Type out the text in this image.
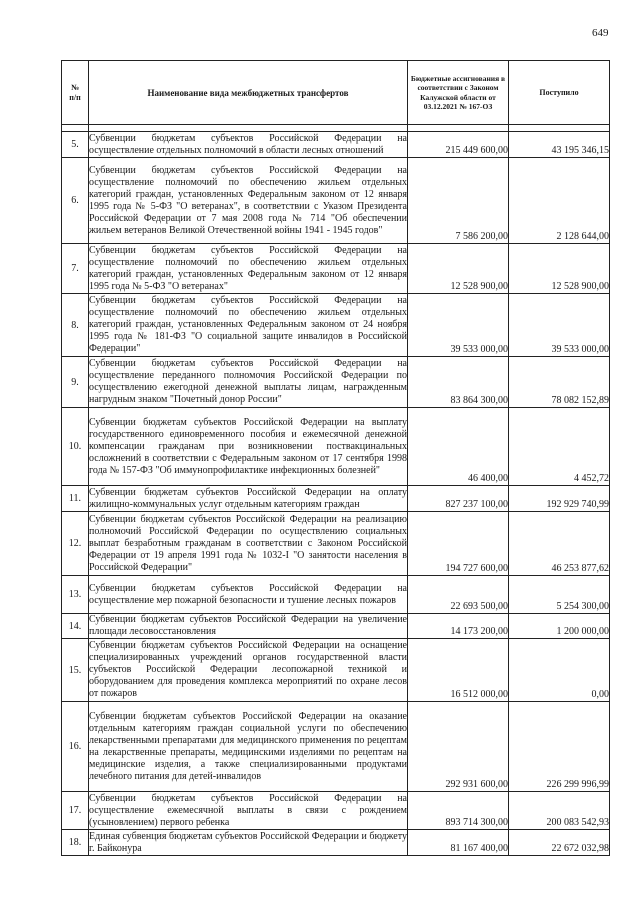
649
№
п/п	Наименование вида межбюджетных трансфертов	Бюджетные ассигнования в соответствии с Законом Калужской области от 03.12.2021 № 167-ОЗ	Поступило

5.	Субвенции бюджетам субъектов Российской Федерации на осуществление отдельных полномочий в области лесных отношений	215 449 600,00	43 195 346,15
6.	Субвенции бюджетам субъектов Российской Федерации на осуществление полномочий по обеспечению жильем отдельных категорий граждан, установленных Федеральным законом от 12 января 1995 года № 5-ФЗ "О ветеранах", в соответствии с Указом Президента Российской Федерации от 7 мая 2008 года № 714 "Об обеспечении жильем ветеранов Великой Отечественной войны 1941 - 1945 годов"	7 586 200,00	2 128 644,00
7.	Субвенции бюджетам субъектов Российской Федерации на осуществление полномочий по обеспечению жильем отдельных категорий граждан, установленных Федеральным законом от 12 января 1995 года № 5-ФЗ "О ветеранах"	12 528 900,00	12 528 900,00
8.	Субвенции бюджетам субъектов Российской Федерации на осуществление полномочий по обеспечению жильем отдельных категорий граждан, установленных Федеральным законом от 24 ноября 1995 года № 181-ФЗ "О социальной защите инвалидов в Российской Федерации"	39 533 000,00	39 533 000,00
9.	Субвенции бюджетам субъектов Российской Федерации на осуществление переданного полномочия Российской Федерации по осуществлению ежегодной денежной выплаты лицам, награжденным нагрудным знаком "Почетный донор России"	83 864 300,00	78 082 152,89
10.	Субвенции бюджетам субъектов Российской Федерации на выплату государственного единовременного пособия и ежемесячной денежной компенсации гражданам при возникновении поствакцинальных осложнений в соответствии с Федеральным законом от 17 сентября 1998 года № 157-ФЗ "Об иммунопрофилактике инфекционных болезней"	46 400,00	4 452,72
11.	Субвенции бюджетам субъектов Российской Федерации на оплату жилищно-коммунальных услуг отдельным категориям граждан	827 237 100,00	192 929 740,99
12.	Субвенции бюджетам субъектов Российской Федерации на реализацию полномочий Российской Федерации по осуществлению социальных выплат безработным гражданам в соответствии с Законом Российской Федерации от 19 апреля 1991 года № 1032-I "О занятости населения в Российской Федерации"	194 727 600,00	46 253 877,62
13.	Субвенции бюджетам субъектов Российской Федерации на осуществление мер пожарной безопасности и тушение лесных пожаров	22 693 500,00	5 254 300,00
14.	Субвенции бюджетам субъектов Российской Федерации на увеличение площади лесовосстановления	14 173 200,00	1 200 000,00
15.	Субвенции бюджетам субъектов Российской Федерации на оснащение специализированных учреждений органов государственной власти субъектов Российской Федерации лесопожарной техникой и оборудованием для проведения комплекса мероприятий по охране лесов от пожаров	16 512 000,00	0,00
16.	Субвенции бюджетам субъектов Российской Федерации на оказание отдельным категориям граждан социальной услуги по обеспечению лекарственными препаратами для медицинского применения по рецептам на лекарственные препараты, медицинскими изделиями по рецептам на медицинские изделия, а также специализированными продуктами лечебного питания для детей-инвалидов	292 931 600,00	226 299 996,99
17.	Субвенции бюджетам субъектов Российской Федерации на осуществление ежемесячной выплаты в связи с рождением (усыновлением) первого ребенка	893 714 300,00	200 083 542,93
18.	Единая субвенция бюджетам субъектов Российской Федерации и бюджету г. Байконура	81 167 400,00	22 672 032,98
